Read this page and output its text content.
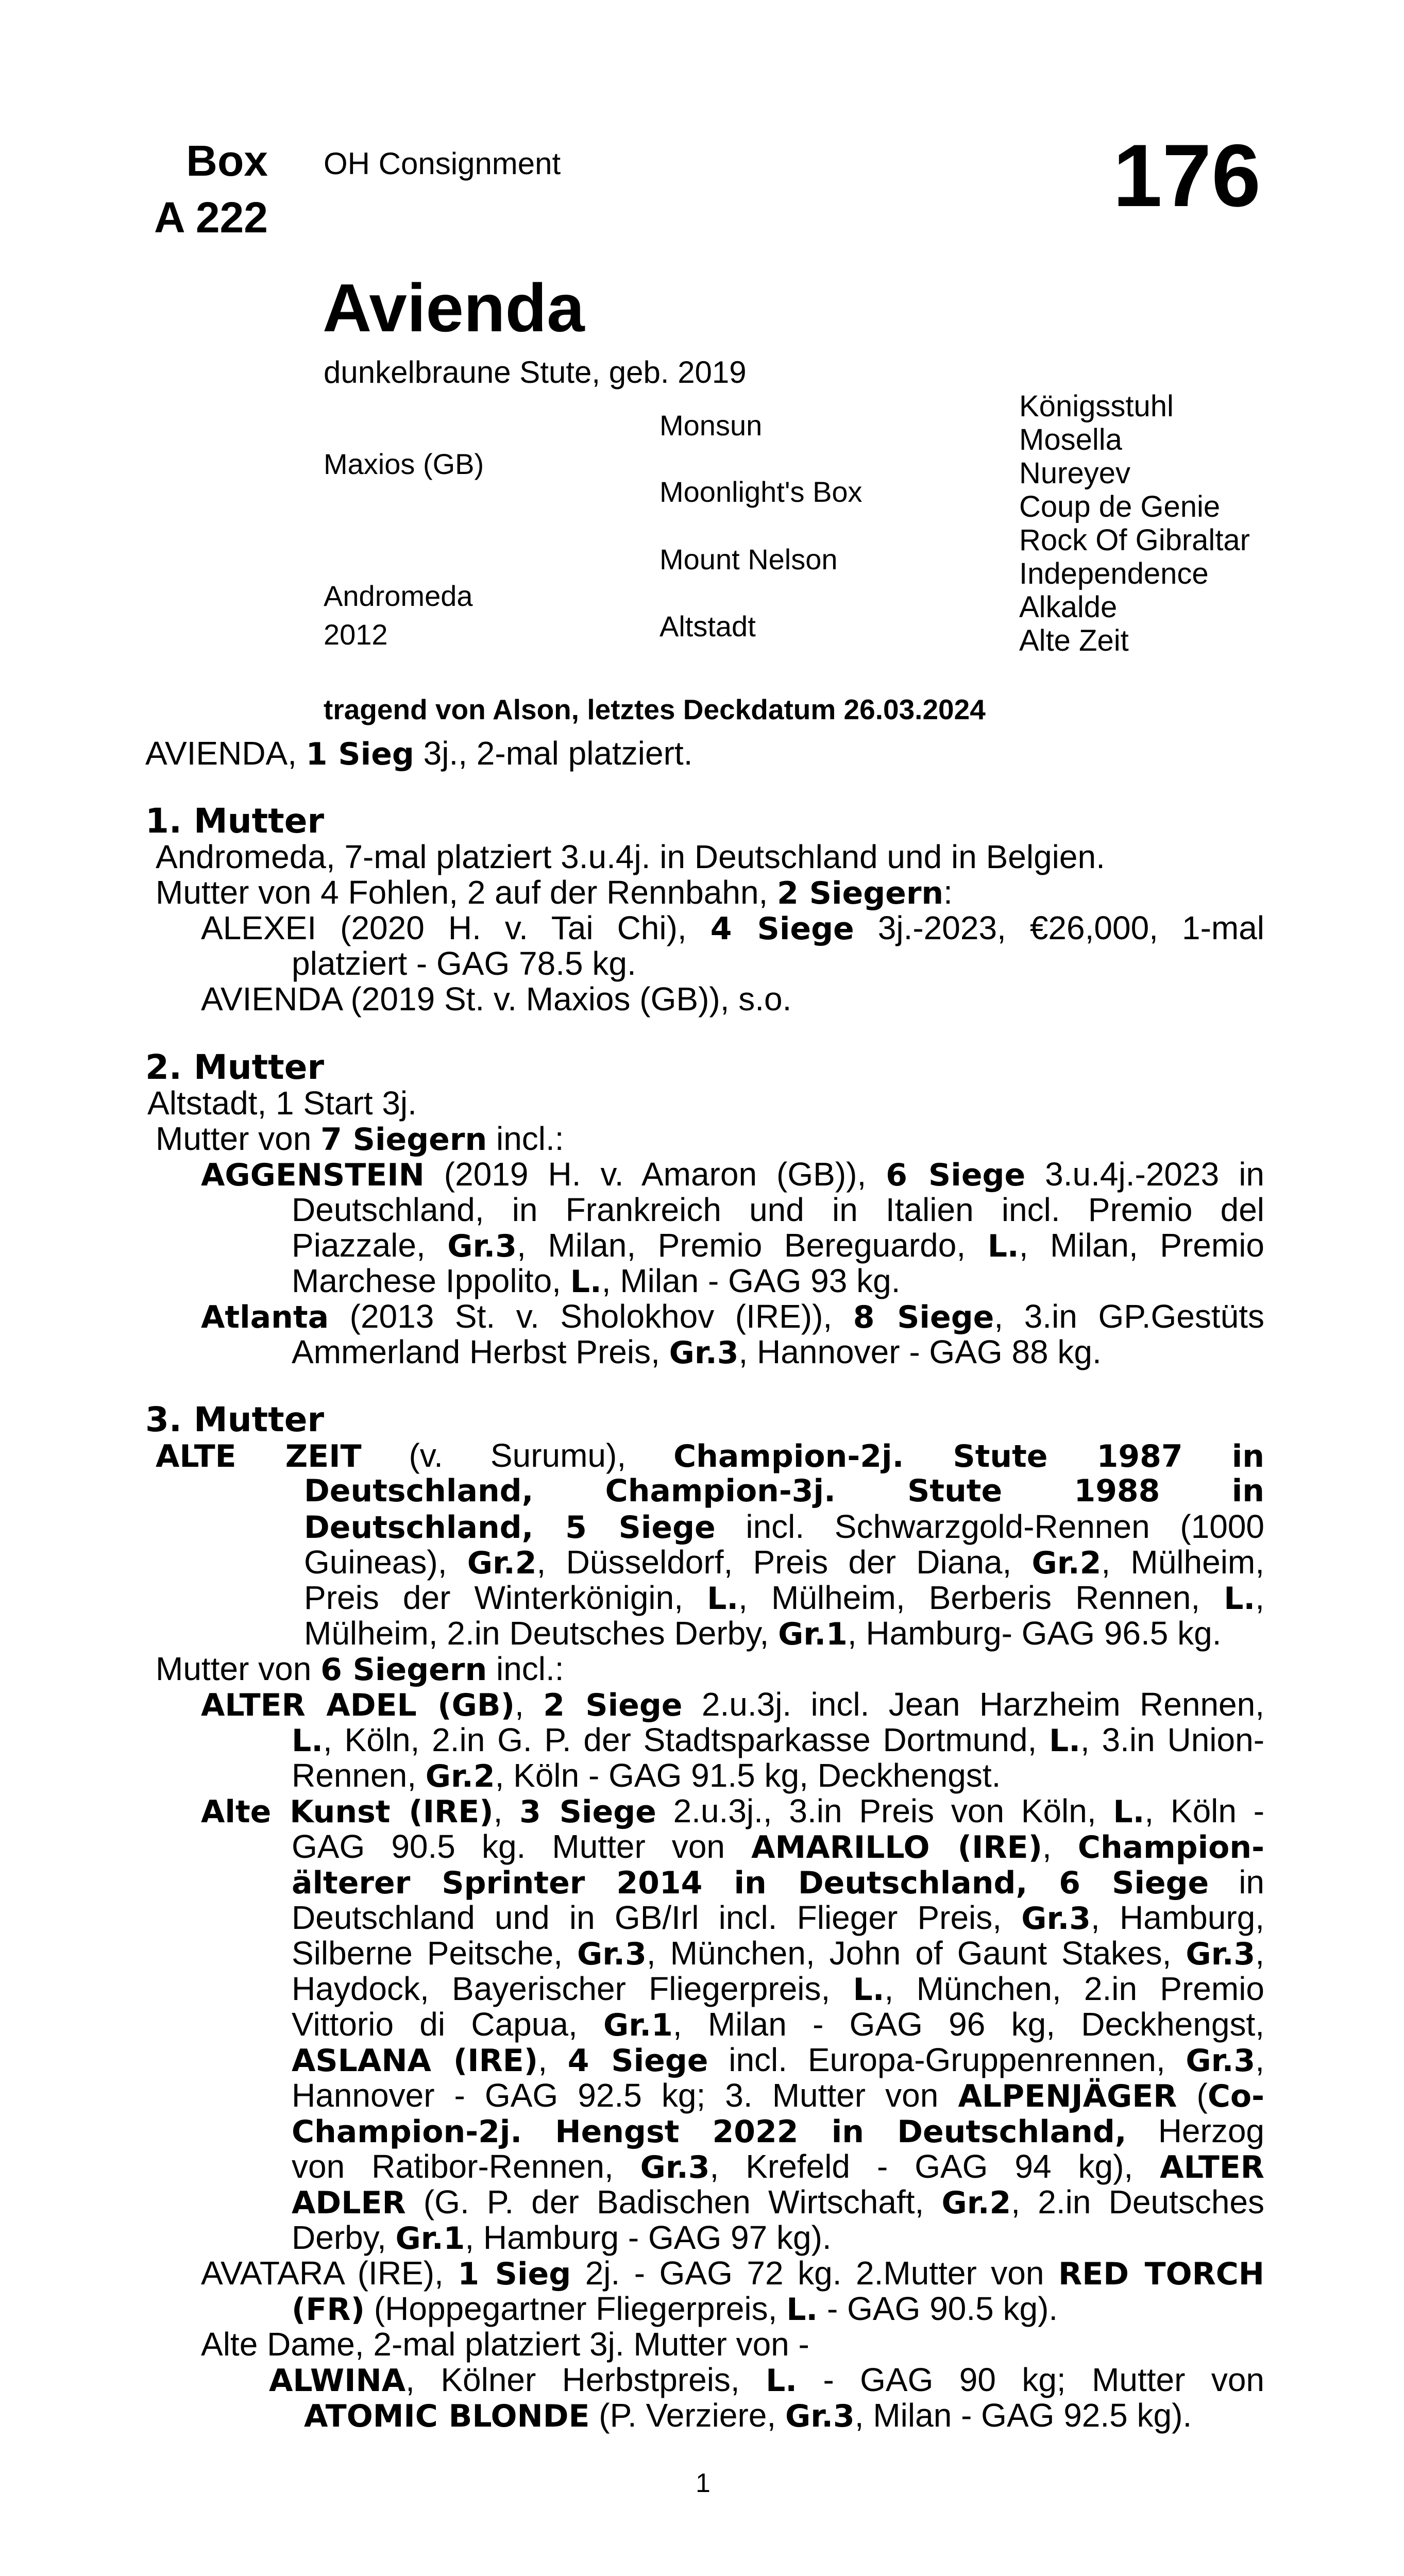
Box
A 222
OH Consignment	176
Avienda
dunkelbraune Stute, geb. 2019
Maxios (GB)
Andromeda
2012
Monsun
Moonlight's Box
Mount Nelson
Altstadt
Königsstuhl
Mosella
Nureyev
Coup de Genie
Rock Of Gibraltar
Independence
Alkalde
Alte Zeit
tragend von Alson, letztes Deckdatum 26.03.2024
AVIENDA, 1 Sieg 3j., 2-mal platziert.
1. Mutter
Andromeda, 7-mal platziert 3.u.4j. in Deutschland und in Belgien.
Mutter von 4 Fohlen, 2 auf der Rennbahn, 2 Siegern:
ALEXEI (2020 H. v. Tai Chi), 4 Siege 3j.-2023, €26,000, 1-mal
platziert - GAG 78.5 kg.
AVIENDA (2019 St. v. Maxios (GB)), s.o.
2. Mutter
Altstadt, 1 Start 3j.
Mutter von 7 Siegern incl.:
AGGENSTEIN (2019 H. v. Amaron (GB)), 6 Siege 3.u.4j.-2023 in
Deutschland, in Frankreich und in Italien incl. Premio del
Piazzale, Gr.3, Milan, Premio Bereguardo, L., Milan, Premio
Marchese Ippolito, L., Milan - GAG 93 kg.
Atlanta (2013 St. v. Sholokhov (IRE)), 8 Siege, 3.in GP.Gestüts
Ammerland Herbst Preis, Gr.3, Hannover - GAG 88 kg.
3. Mutter
ALTE ZEIT (v. Surumu), Champion-2j. Stute 1987 in
Deutschland, Champion-3j. Stute 1988 in
Deutschland, 5 Siege incl. Schwarzgold-Rennen (1000
Guineas), Gr.2, Düsseldorf, Preis der Diana, Gr.2, Mülheim,
Preis der Winterkönigin, L., Mülheim, Berberis Rennen, L.,
Mülheim, 2.in Deutsches Derby, Gr.1, Hamburg- GAG 96.5 kg.
Mutter von 6 Siegern incl.:
ALTER ADEL (GB), 2 Siege 2.u.3j. incl. Jean Harzheim Rennen,
L., Köln, 2.in G. P. der Stadtsparkasse Dortmund, L., 3.in Union-
Rennen, Gr.2, Köln - GAG 91.5 kg, Deckhengst.
Alte Kunst (IRE), 3 Siege 2.u.3j., 3.in Preis von Köln, L., Köln -
GAG 90.5 kg. Mutter von AMARILLO (IRE), Champion-
älterer Sprinter 2014 in Deutschland, 6 Siege in
Deutschland und in GB/Irl incl. Flieger Preis, Gr.3, Hamburg,
Silberne Peitsche, Gr.3, München, John of Gaunt Stakes, Gr.3,
Haydock, Bayerischer Fliegerpreis, L., München, 2.in Premio
Vittorio di Capua, Gr.1, Milan - GAG 96 kg, Deckhengst,
ASLANA (IRE), 4 Siege incl. Europa-Gruppenrennen, Gr.3,
Hannover - GAG 92.5 kg; 3. Mutter von ALPENJÄGER (Co-
Champion-2j. Hengst 2022 in Deutschland, Herzog
von Ratibor-Rennen, Gr.3, Krefeld - GAG 94 kg), ALTER
ADLER (G. P. der Badischen Wirtschaft, Gr.2, 2.in Deutsches
Derby, Gr.1, Hamburg - GAG 97 kg).
AVATARA (IRE), 1 Sieg 2j. - GAG 72 kg. 2.Mutter von RED TORCH
(FR) (Hoppegartner Fliegerpreis, L. - GAG 90.5 kg).
Alte Dame, 2-mal platziert 3j. Mutter von -
ALWINA, Kölner Herbstpreis, L. - GAG 90 kg; Mutter von
ATOMIC BLONDE (P. Verziere, Gr.3, Milan - GAG 92.5 kg).
1
